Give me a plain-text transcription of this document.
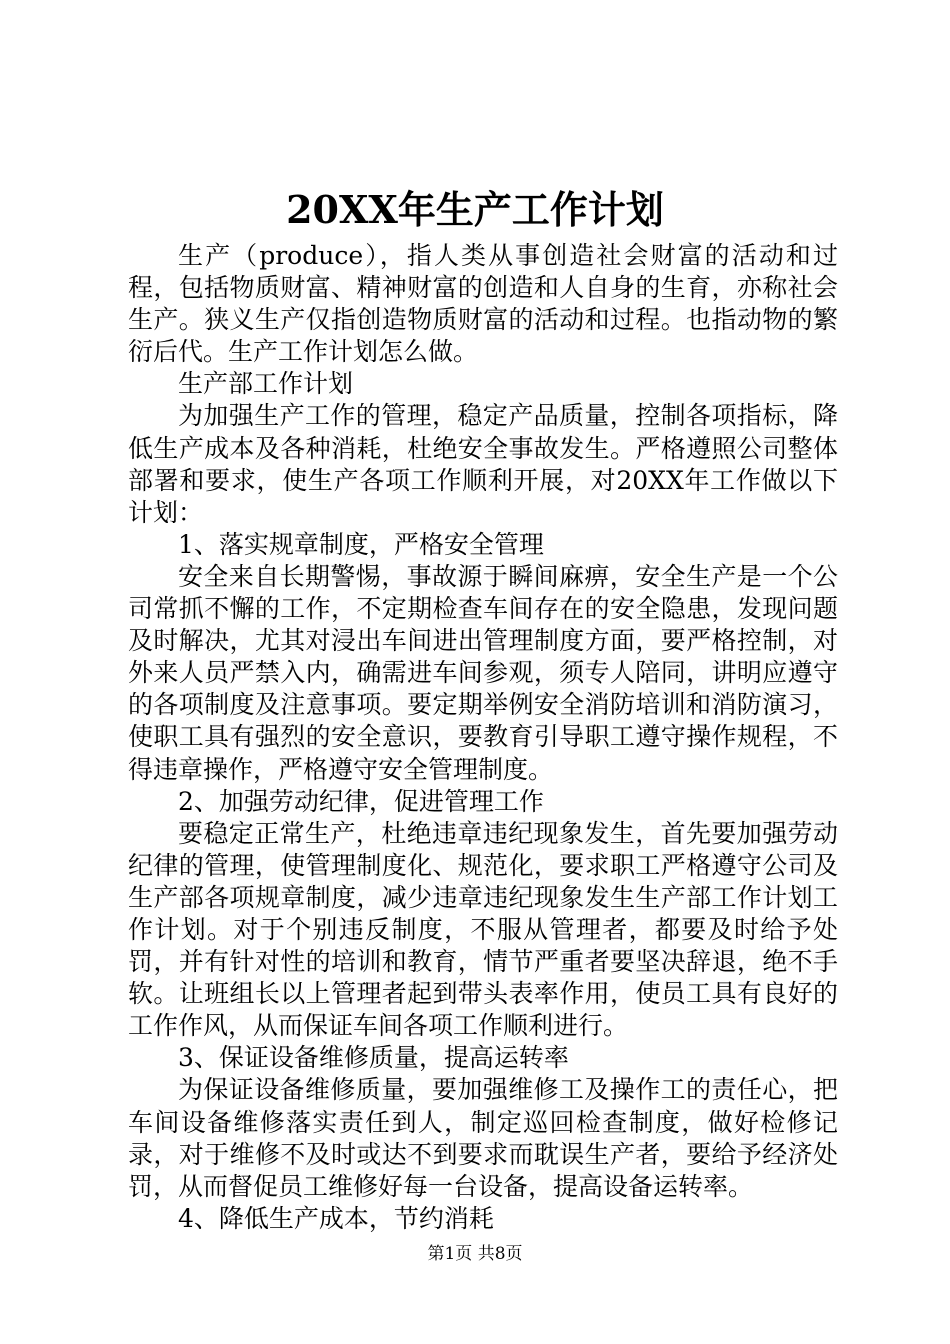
20XX年生产工作计划

生产（produce），指人类从事创造社会财富的活动和过程，包括物质财富、精神财富的创造和人自身的生育，亦称社会生产。狭义生产仅指创造物质财富的活动和过程。也指动物的繁衍后代。生产工作计划怎么做。

生产部工作计划

为加强生产工作的管理，稳定产品质量，控制各项指标，降低生产成本及各种消耗，杜绝安全事故发生。严格遵照公司整体部署和要求，使生产各项工作顺利开展，对20XX年工作做以下计划：

1、落实规章制度，严格安全管理

安全来自长期警惕，事故源于瞬间麻痹，安全生产是一个公司常抓不懈的工作，不定期检查车间存在的安全隐患，发现问题及时解决，尤其对浸出车间进出管理制度方面，要严格控制，对外来人员严禁入内，确需进车间参观，须专人陪同，讲明应遵守的各项制度及注意事项。要定期举例安全消防培训和消防演习，使职工具有强烈的安全意识，要教育引导职工遵守操作规程，不得违章操作，严格遵守安全管理制度。

2、加强劳动纪律，促进管理工作

要稳定正常生产，杜绝违章违纪现象发生，首先要加强劳动纪律的管理，使管理制度化、规范化，要求职工严格遵守公司及生产部各项规章制度，减少违章违纪现象发生生产部工作计划工作计划。对于个别违反制度，不服从管理者，都要及时给予处罚，并有针对性的培训和教育，情节严重者要坚决辞退，绝不手软。让班组长以上管理者起到带头表率作用，使员工具有良好的工作作风，从而保证车间各项工作顺利进行。

3、保证设备维修质量，提高运转率

为保证设备维修质量，要加强维修工及操作工的责任心，把车间设备维修落实责任到人，制定巡回检查制度，做好检修记录，对于维修不及时或达不到要求而耽误生产者，要给予经济处罚，从而督促员工维修好每一台设备，提高设备运转率。

4、降低生产成本，节约消耗

第1页 共8页
